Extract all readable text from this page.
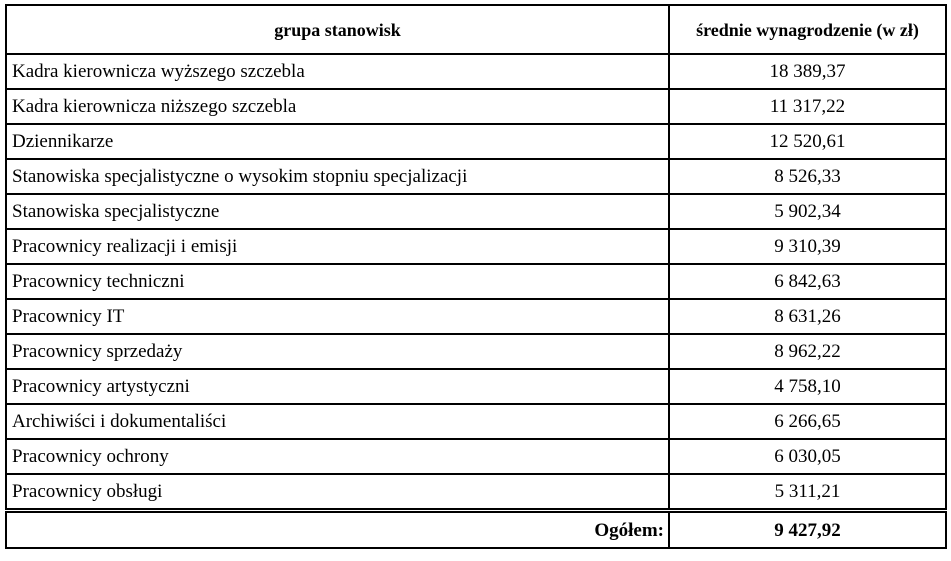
grupa stanowisk	średnie wynagrodzenie (w zł)
Kadra kierownicza wyższego szczebla	18 389,37
Kadra kierownicza niższego szczebla	11 317,22
Dziennikarze	12 520,61
Stanowiska specjalistyczne o wysokim stopniu specjalizacji	8 526,33
Stanowiska specjalistyczne	5 902,34
Pracownicy realizacji i emisji	9 310,39
Pracownicy techniczni	6 842,63
Pracownicy IT	8 631,26
Pracownicy sprzedaży	8 962,22
Pracownicy artystyczni	4 758,10
Archiwiści i dokumentaliści	6 266,65
Pracownicy ochrony	6 030,05
Pracownicy obsługi	5 311,21
Ogółem:	9 427,92
